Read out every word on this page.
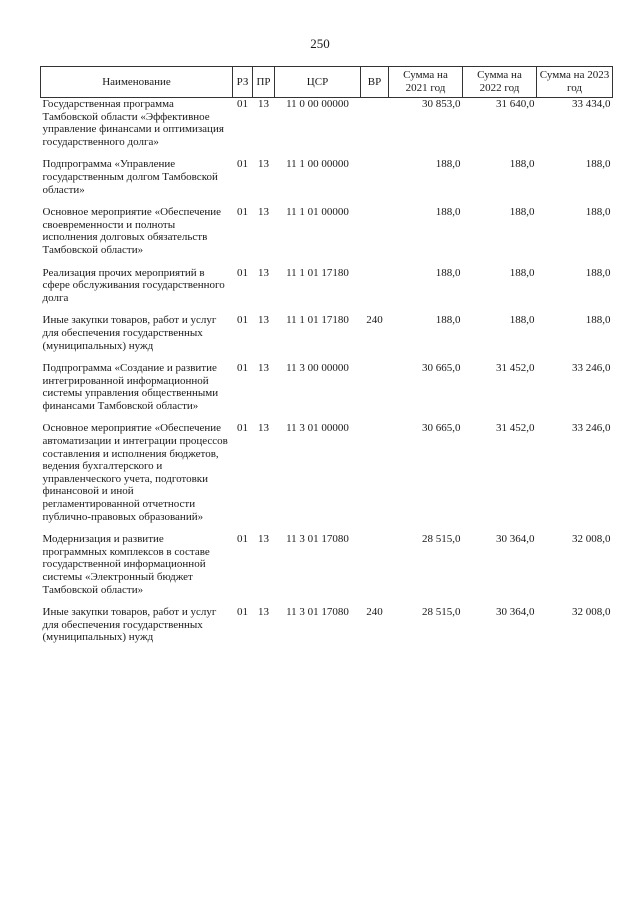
250
Наименование	РЗ	ПР	ЦСР	ВР	Сумма на 2021 год	Сумма на 2022 год	Сумма на 2023 год
Государственная программа Тамбовской области «Эффективное управление финансами и оптимизация государственного долга»	01	13	11 0 00 00000		30 853,0	31 640,0	33 434,0
Подпрограмма «Управление государственным долгом Тамбовской области»	01	13	11 1 00 00000		188,0	188,0	188,0
Основное мероприятие «Обеспечение своевременности и полноты исполнения долговых обязательств Тамбовской области»	01	13	11 1 01 00000		188,0	188,0	188,0
Реализация прочих мероприятий в сфере обслуживания государственного долга	01	13	11 1 01 17180		188,0	188,0	188,0
Иные закупки товаров, работ и услуг для обеспечения государственных (муниципальных) нужд	01	13	11 1 01 17180	240	188,0	188,0	188,0
Подпрограмма «Создание и развитие интегрированной информационной системы управления общественными финансами Тамбовской области»	01	13	11 3 00 00000		30 665,0	31 452,0	33 246,0
Основное мероприятие «Обеспечение автоматизации и интеграции процессов составления и исполнения бюджетов, ведения бухгалтерского и управленческого учета, подготовки финансовой и иной регламентированной отчетности публично-правовых образований»	01	13	11 3 01 00000		30 665,0	31 452,0	33 246,0
Модернизация и развитие программных комплексов в составе государственной информационной системы «Электронный бюджет Тамбовской области»	01	13	11 3 01 17080		28 515,0	30 364,0	32 008,0
Иные закупки товаров, работ и услуг для обеспечения государственных (муниципальных) нужд	01	13	11 3 01 17080	240	28 515,0	30 364,0	32 008,0
